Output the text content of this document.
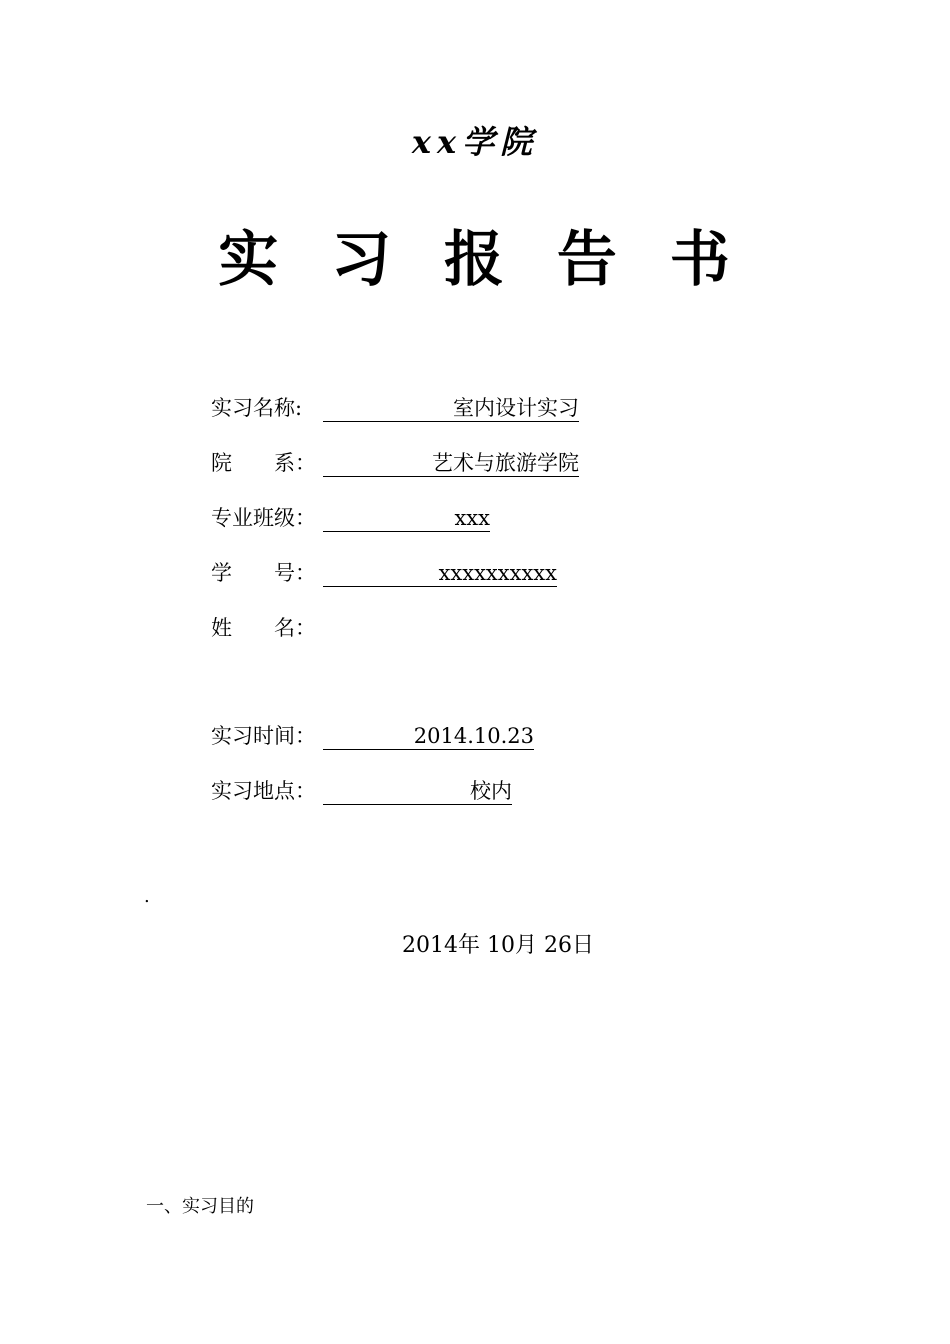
xx学院
实 习 报 告 书
实习名称:	室内设计实习
院　　系：	艺术与旅游学院
专业班级：	xxx
学　　号：	xxxxxxxxxx
姓　　名：
实习时间：	2014.10.23
实习地点：	校内
.
2014年 10月 26日
一、实习目的
